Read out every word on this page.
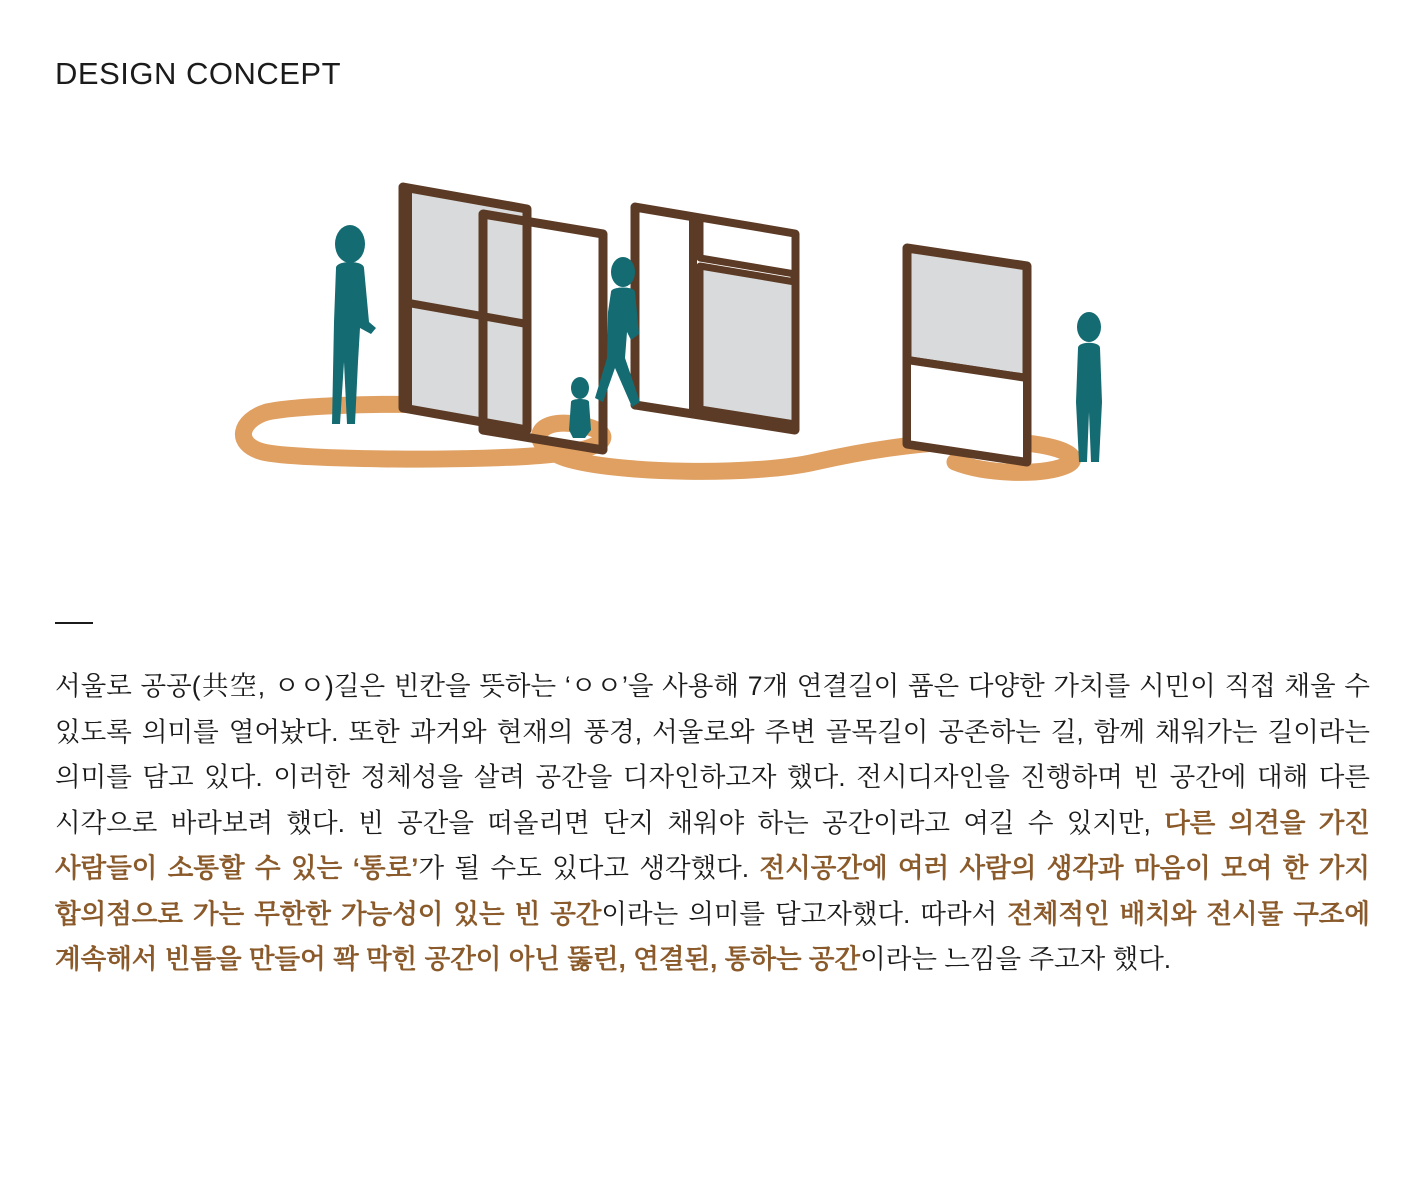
DESIGN CONCEPT

서울로 공공(共空, ㅇㅇ)길은 빈칸을 뜻하는 ‘ㅇㅇ’을 사용해 7개 연결길이 품은 다양한 가치를 시민이 직접 채울 수 있도록 의미를 열어놨다. 또한 과거와 현재의 풍경, 서울로와 주변 골목길이 공존하는 길, 함께 채워가는 길이라는 의미를 담고 있다. 이러한 정체성을 살려 공간을 디자인하고자 했다. 전시디자인을 진행하며 빈 공간에 대해 다른 시각으로 바라보려 했다. 빈 공간을 떠올리면 단지 채워야 하는 공간이라고 여길 수 있지만, 다른 의견을 가진 사람들이 소통할 수 있는 ‘통로’가 될 수도 있다고 생각했다. 전시공간에 여러 사람의 생각과 마음이 모여 한 가지 합의점으로 가는 무한한 가능성이 있는 빈 공간이라는 의미를 담고자했다. 따라서 전체적인 배치와 전시물 구조에 계속해서 빈틈을 만들어 꽉 막힌 공간이 아닌 뚫린, 연결된, 통하는 공간이라는 느낌을 주고자 했다.
